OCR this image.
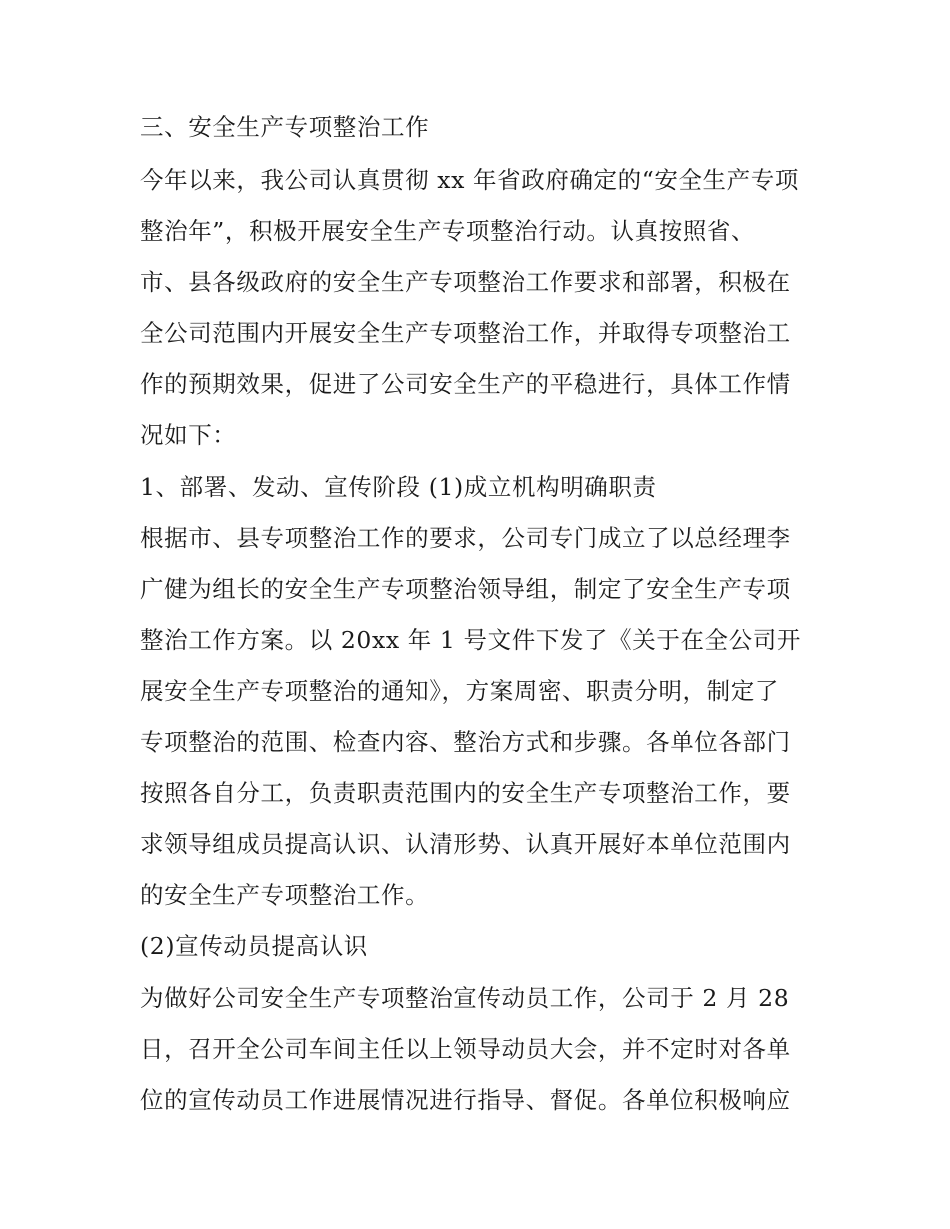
三、安全生产专项整治工作
今年以来，我公司认真贯彻 xx 年省政府确定的“安全生产专项
整治年”，积极开展安全生产专项整治行动。认真按照省、
市、县各级政府的安全生产专项整治工作要求和部署，积极在
全公司范围内开展安全生产专项整治工作，并取得专项整治工
作的预期效果，促进了公司安全生产的平稳进行，具体工作情
况如下：
1、部署、发动、宣传阶段 (1)成立机构明确职责
根据市、县专项整治工作的要求，公司专门成立了以总经理李
广健为组长的安全生产专项整治领导组，制定了安全生产专项
整治工作方案。以 20xx 年 1 号文件下发了《关于在全公司开
展安全生产专项整治的通知》，方案周密、职责分明，制定了
专项整治的范围、检查内容、整治方式和步骤。各单位各部门
按照各自分工，负责职责范围内的安全生产专项整治工作，要
求领导组成员提高认识、认清形势、认真开展好本单位范围内
的安全生产专项整治工作。
(2)宣传动员提高认识
为做好公司安全生产专项整治宣传动员工作，公司于 2 月 28
日，召开全公司车间主任以上领导动员大会，并不定时对各单
位的宣传动员工作进展情况进行指导、督促。各单位积极响应
